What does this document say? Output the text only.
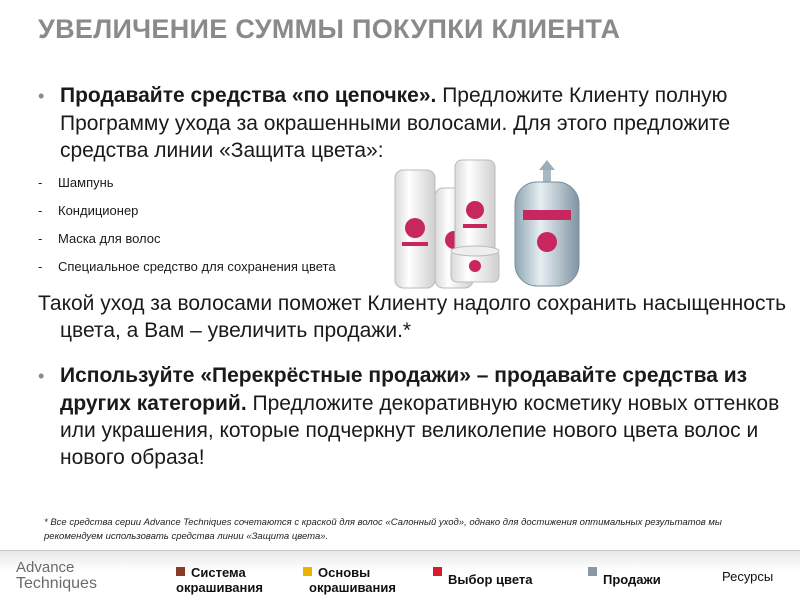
УВЕЛИЧЕНИЕ СУММЫ ПОКУПКИ КЛИЕНТА
• Продавайте средства «по цепочке». Предложите Клиенту полную Программу ухода за окрашенными волосами. Для этого предложите средства линии «Защита цвета»:
- Шампунь
- Кондиционер
- Маска для волос
- Специальное средство для сохранения цвета
Такой уход за волосами поможет Клиенту надолго сохранить насыщенность цвета, а Вам – увеличить продажи.*
• Используйте «Перекрёстные продажи» – продавайте средства из других категорий. Предложите декоративную косметику новых оттенков или украшения, которые подчеркнут великолепие нового цвета волос и нового образа!
* Все средства серии Advance Techniques сочетаются с краской для волос «Салонный уход», однако для достижения оптимальных результатов мы рекомендуем использовать средства линии «Защита цвета».
Advance
Techniques
Система
окрашивания
Основы
окрашивания
Выбор цвета	Продажи	Ресурсы
